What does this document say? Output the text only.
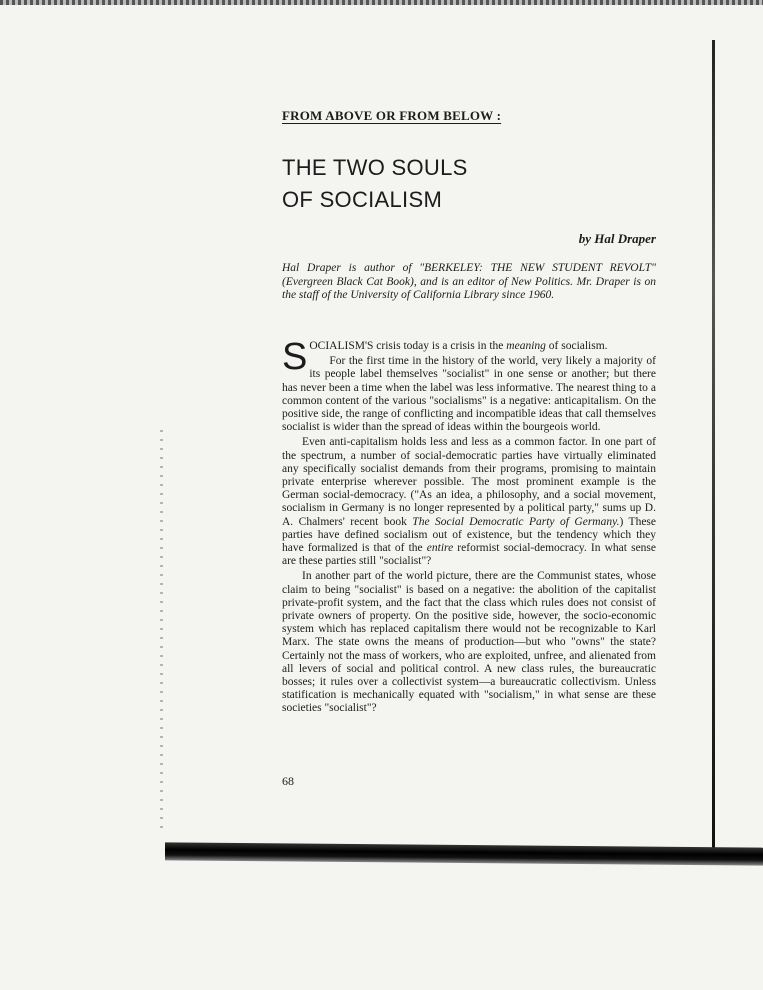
FROM ABOVE OR FROM BELOW :
THE TWO SOULS
OF SOCIALISM
by Hal Draper
Hal Draper is author of "BERKELEY: THE NEW STUDENT REVOLT" (Evergreen Black Cat Book), and is an editor of New Politics. Mr. Draper is on the staff of the University of California Library since 1960.

SOCIALISM'S crisis today is a crisis in the meaning of socialism.

For the first time in the history of the world, very likely a majority of its people label themselves "socialist" in one sense or another; but there has never been a time when the label was less informative. The nearest thing to a common content of the various "socialisms" is a negative: anticapitalism. On the positive side, the range of conflicting and incompatible ideas that call themselves socialist is wider than the spread of ideas within the bourgeois world.

Even anti-capitalism holds less and less as a common factor. In one part of the spectrum, a number of social-democratic parties have virtually eliminated any specifically socialist demands from their programs, promising to maintain private enterprise wherever possible. The most prominent example is the German social-democracy. ("As an idea, a philosophy, and a social movement, socialism in Germany is no longer represented by a political party," sums up D. A. Chalmers' recent book The Social Democratic Party of Germany.) These parties have defined socialism out of existence, but the tendency which they have formalized is that of the entire reformist social-democracy. In what sense are these parties still "socialist"?

In another part of the world picture, there are the Communist states, whose claim to being "socialist" is based on a negative: the abolition of the capitalist private-profit system, and the fact that the class which rules does not consist of private owners of property. On the positive side, however, the socio-economic system which has replaced capitalism there would not be recognizable to Karl Marx. The state owns the means of production—but who "owns" the state? Certainly not the mass of workers, who are exploited, unfree, and alienated from all levers of social and political control. A new class rules, the bureaucratic bosses; it rules over a collectivist system—a bureaucratic collectivism. Unless statification is mechanically equated with "socialism," in what sense are these societies "socialist"?

68
